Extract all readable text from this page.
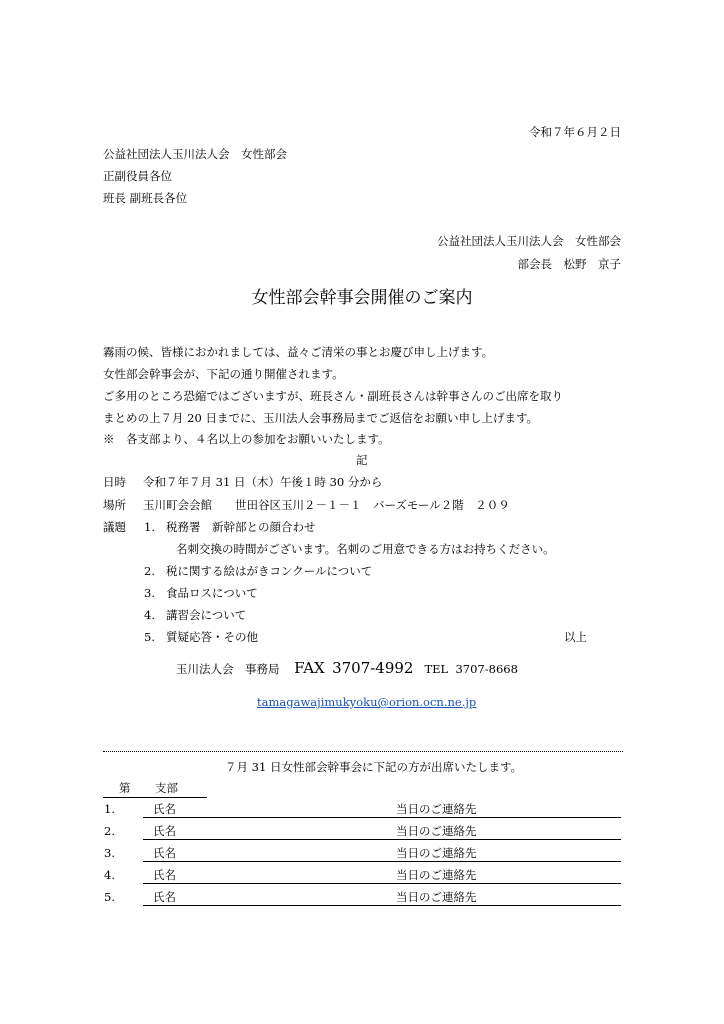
令和７年６月２日
公益社団法人玉川法人会　女性部会
正副役員各位
班長 副班長各位
公益社団法人玉川法人会　女性部会
部会長　松野　京子
女性部会幹事会開催のご案内
霧雨の候、皆様におかれましては、益々ご清栄の事とお慶び申し上げます。
女性部会幹事会が、下記の通り開催されます。
ご多用のところ恐縮ではございますが、班長さん・副班長さんは幹事さんのご出席を取り
まとめの上７月 20 日までに、玉川法人会事務局までご返信をお願い申し上げます。
※　各支部より、４名以上の参加をお願いいたします。
記
日時 令和７年７月 31 日（木）午後１時 30 分から
場所 玉川町会会館　　世田谷区玉川２－１－１　バーズモール２階　２０９
議題 1. 税務署　新幹部との顔合わせ
名刺交換の時間がございます。名刺のご用意できる方はお持ちください。
2. 税に関する絵はがきコンクールについて
3. 食品ロスについて
4. 講習会について
5. 質疑応答・その他	以上
玉川法人会　事務局 FAX 3707-4992 TEL 3707-8668
tamagawajimukyoku@orion.ocn.ne.jp
７月 31 日女性部会幹事会に下記の方が出席いたします。
第 支部
1.	氏名	当日のご連絡先
2.	氏名	当日のご連絡先
3.	氏名	当日のご連絡先
4.	氏名	当日のご連絡先
5.	氏名	当日のご連絡先
